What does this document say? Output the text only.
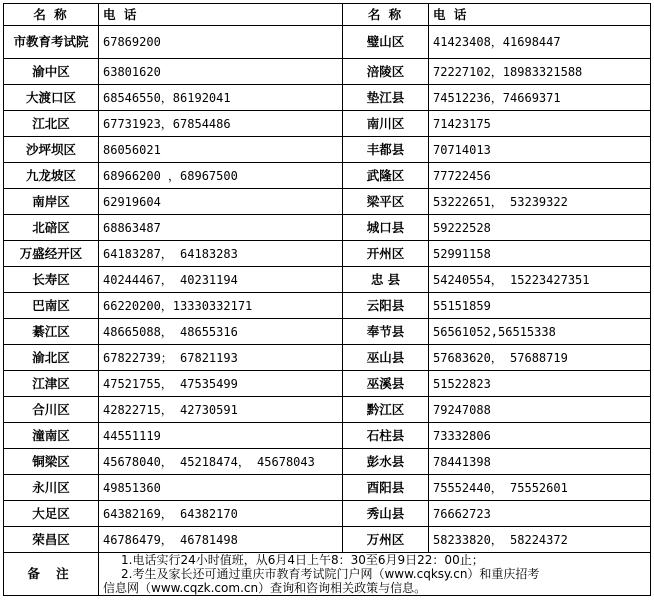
名 称	电 话	名 称	电 话
市教育考试院	67869200	璧山区	41423408，41698447
渝中区	63801620	涪陵区	72227102，18983321588
大渡口区	68546550，86192041	垫江县	74512236，74669371
江北区	67731923，67854486	南川区	71423175
沙坪坝区	86056021	丰都县	70714013
九龙坡区	68966200 ，68967500	武隆区	77722456
南岸区	62919604	梁平区	53222651， 53239322
北碚区	68863487	城口县	59222528
万盛经开区	64183287， 64183283	开州区	52991158
长寿区	40244467， 40231194	忠 县	54240554， 15223427351
巴南区	66220200，13330332171	云阳县	55151859
綦江区	48665088， 48655316	奉节县	56561052,56515338
渝北区	67822739； 67821193	巫山县	57683620， 57688719
江津区	47521755， 47535499	巫溪县	51522823
合川区	42822715， 42730591	黔江区	79247088
潼南区	44551119	石柱县	73332806
铜梁区	45678040， 45218474， 45678043	彭水县	78441398
永川区	49851360	酉阳县	75552440， 75552601
大足区	64382169， 64382170	秀山县	76662723
荣昌区	46786479， 46781498	万州区	58233820， 58224372
备 注	1.电话实行24小时值班，从6月4日上午8：30至6月9日22：00止；
2.考生及家长还可通过重庆市教育考试院门户网（www.cqksy.cn）和重庆招考
信息网（www.cqzk.com.cn）查询和咨询相关政策与信息。		
